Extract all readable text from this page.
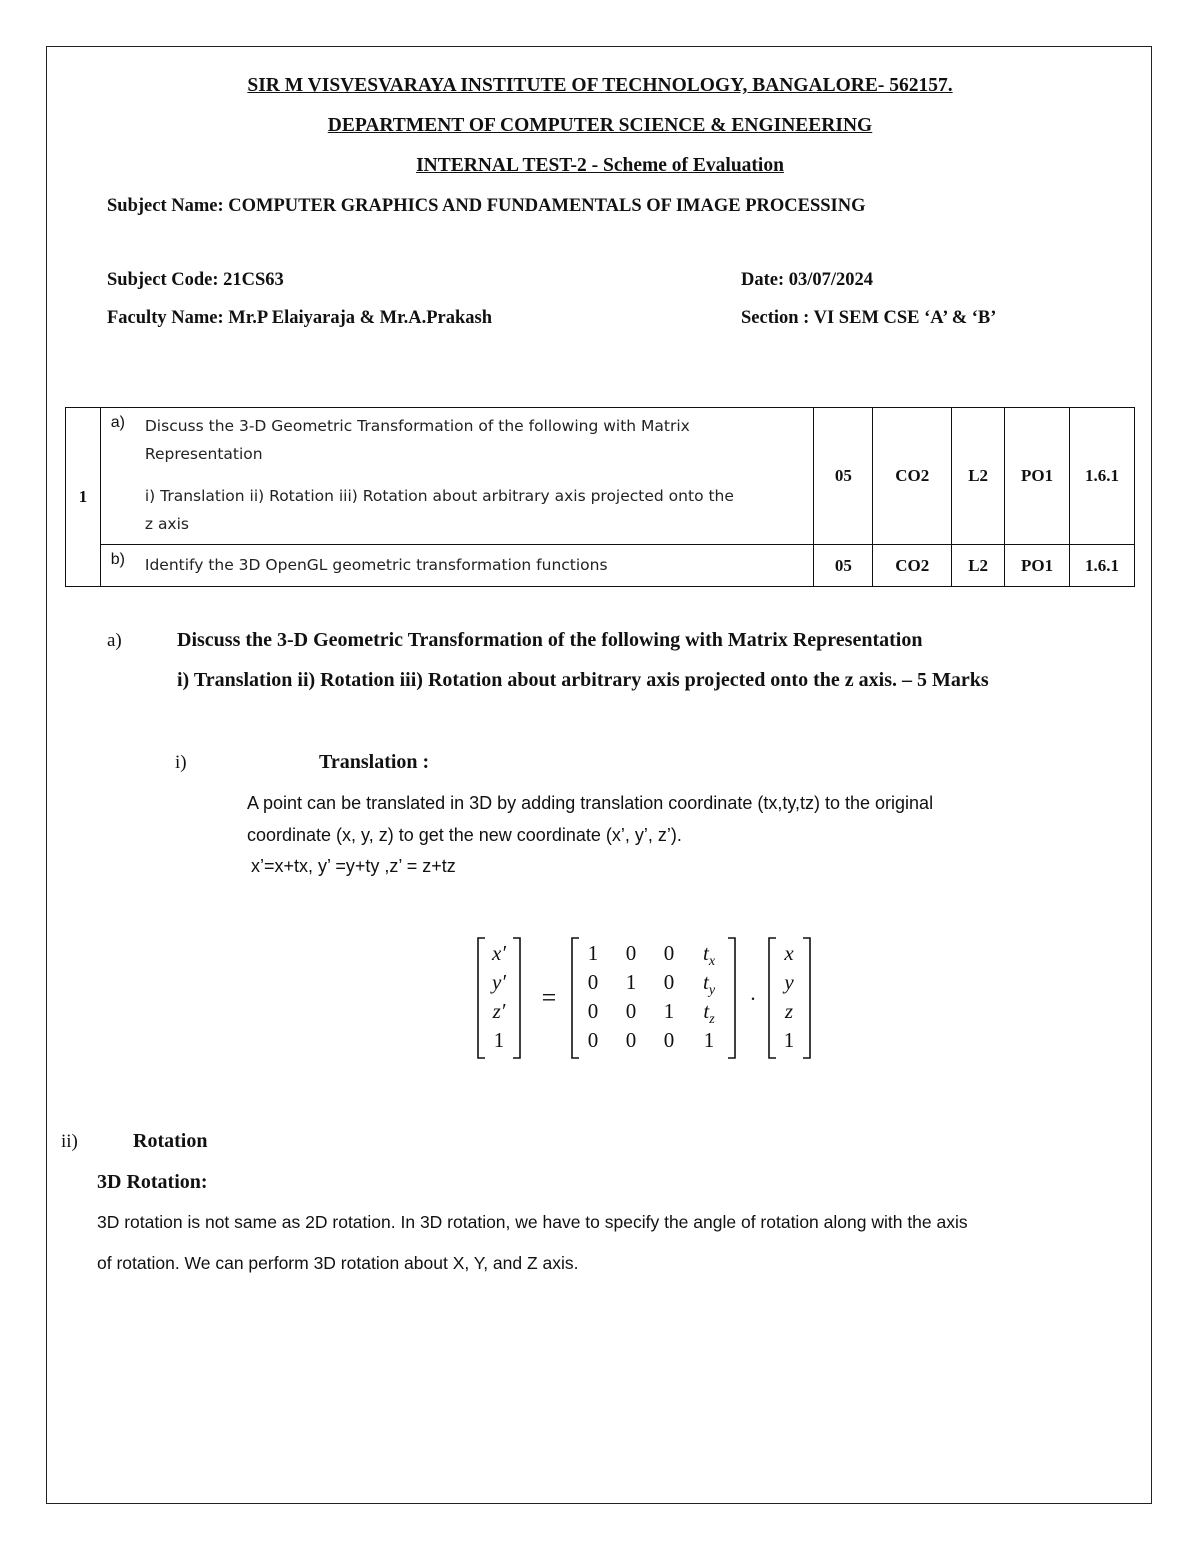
SIR M VISVESVARAYA INSTITUTE OF TECHNOLOGY, BANGALORE- 562157.
DEPARTMENT OF COMPUTER SCIENCE & ENGINEERING
INTERNAL TEST-2 - Scheme of Evaluation
Subject Name: COMPUTER GRAPHICS AND FUNDAMENTALS OF IMAGE PROCESSING
Subject Code: 21CS63	Date: 03/07/2024
Faculty Name: Mr.P Elaiyaraja & Mr.A.Prakash	Section : VI SEM CSE ‘A’ & ‘B’
1	a)	Discuss the 3-D Geometric Transformation of the following with Matrix
Representation
i) Translation ii) Rotation iii) Rotation about arbitrary axis projected onto the
z axis	05	CO2	L2	PO1	1.6.1
	b)	Identify the 3D OpenGL geometric transformation functions	05	CO2	L2	PO1	1.6.1
a)	Discuss the 3-D Geometric Transformation of the following with Matrix Representation
i) Translation ii) Rotation iii) Rotation about arbitrary axis projected onto the z axis. – 5 Marks
i)	Translation :
A point can be translated in 3D by adding translation coordinate (tx,ty,tz) to the original
coordinate (x, y, z) to get the new coordinate (x’, y’, z’).
x’=x+tx, y’ =y+ty ,z’ = z+tz
x′
y′
z′
1
=
1 0 0 $t_x$
0 1 0 $t_y$
0 0 1 $t_z$
0 0 0 1
·
x
y
z
1
ii)	Rotation
3D Rotation:
3D rotation is not same as 2D rotation. In 3D rotation, we have to specify the angle of rotation along with the axis
of rotation. We can perform 3D rotation about X, Y, and Z axis.
